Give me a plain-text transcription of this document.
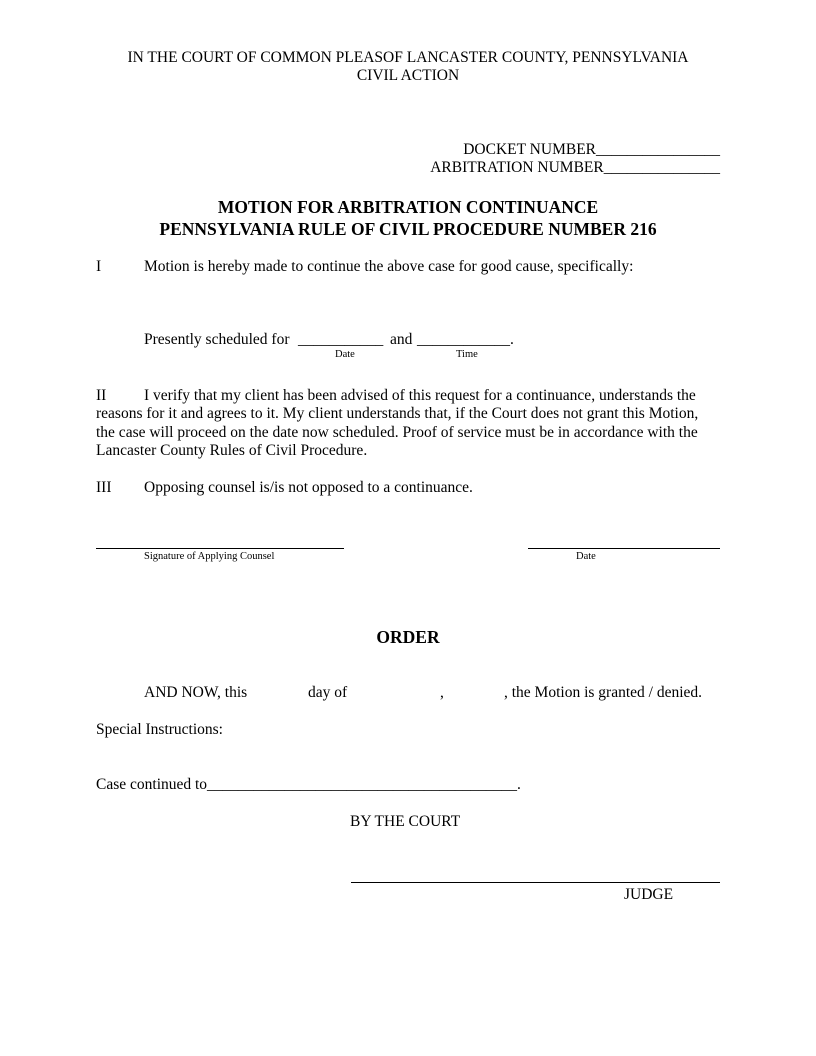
IN THE COURT OF COMMON PLEASOF LANCASTER COUNTY, PENNSYLVANIA
CIVIL ACTION
DOCKET NUMBER________________
ARBITRATION NUMBER_______________
MOTION FOR ARBITRATION CONTINUANCE
PENNSYLVANIA RULE OF CIVIL PROCEDURE NUMBER 216
I	Motion is hereby made to continue the above case for good cause, specifically:
Presently scheduled for ___________ and ____________.
Date	Time
II I verify that my client has been advised of this request for a continuance, understands the
reasons for it and agrees to it. My client understands that, if the Court does not grant this Motion, the case will proceed on the date now scheduled. Proof of service must be in accordance with the Lancaster County Rules of Civil Procedure.
III Opposing counsel is/is not opposed to a continuance.
Signature of Applying Counsel	Date
ORDER
AND NOW, this	day of	,	, the Motion is granted / denied.
Special Instructions:
Case continued to________________________________________.
BY THE COURT
JUDGE
